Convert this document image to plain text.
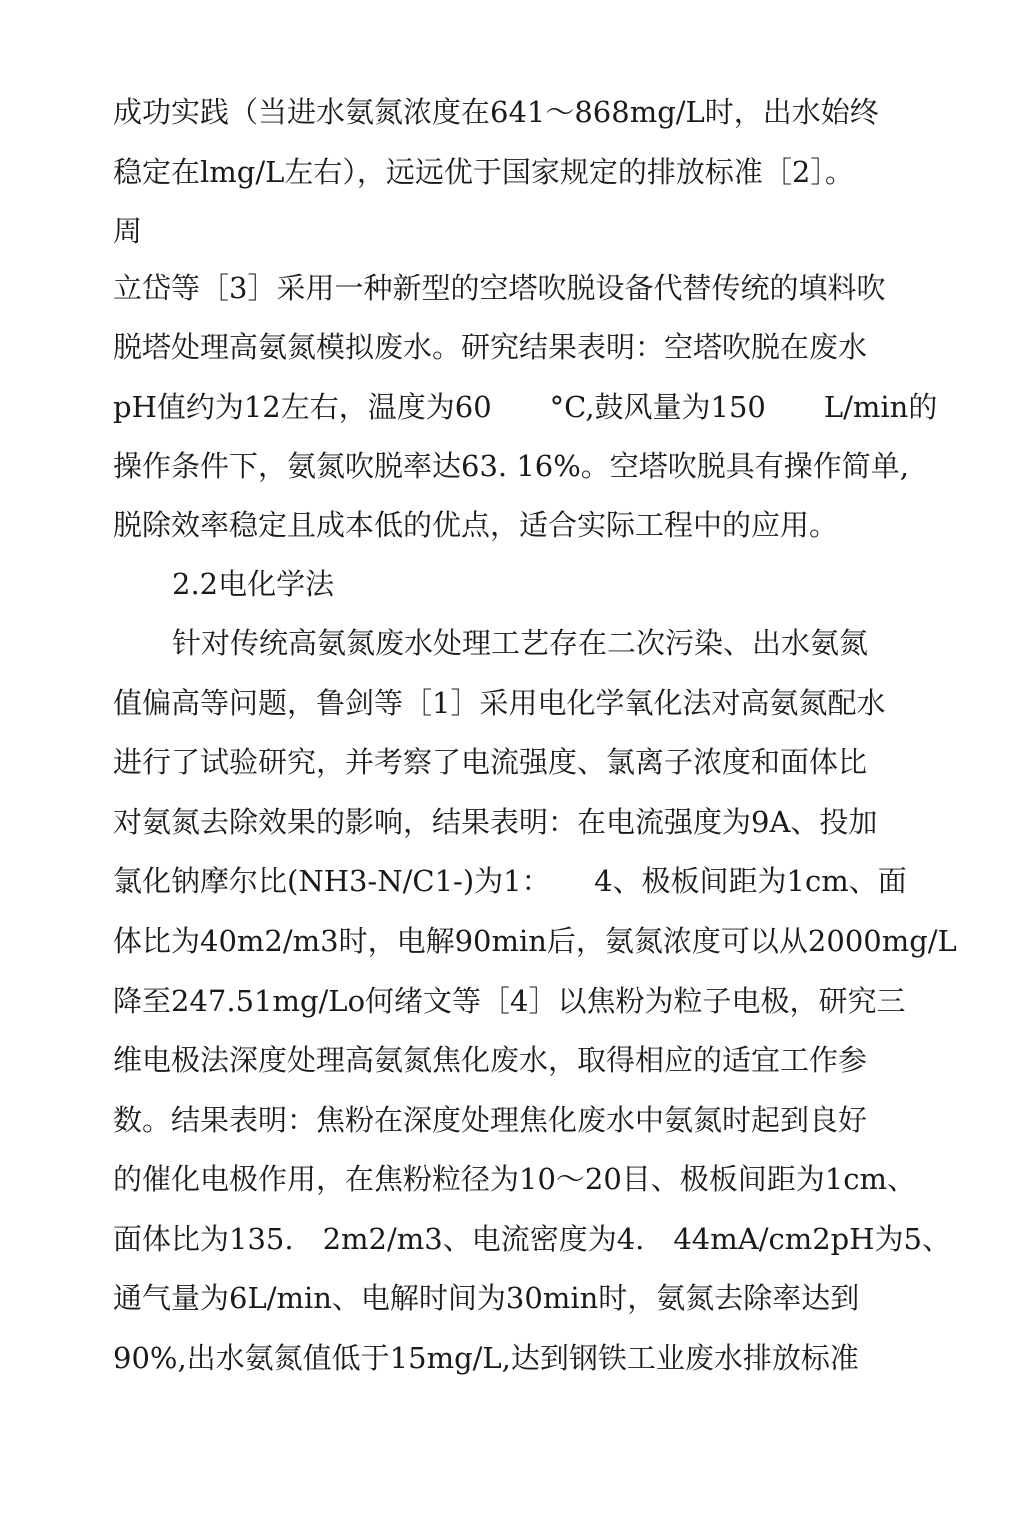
成功实践（当进水氨氮浓度在641～868mg/L时，出水始终
稳定在lmg/L左右），远远优于国家规定的排放标准［2］。
周
立岱等［3］采用一种新型的空塔吹脱设备代替传统的填料吹
脱塔处理高氨氮模拟废水。研究结果表明：空塔吹脱在废水
pH值约为12左右，温度为60　　°C,鼓风量为150　　L/min的
操作条件下，氨氮吹脱率达63. 16%。空塔吹脱具有操作简单,
脱除效率稳定且成本低的优点，适合实际工程中的应用。
2.2电化学法
针对传统高氨氮废水处理工艺存在二次污染、出水氨氮
值偏高等问题，鲁剑等［1］采用电化学氧化法对高氨氮配水
进行了试验研究，并考察了电流强度、氯离子浓度和面体比
对氨氮去除效果的影响，结果表明：在电流强度为9A、投加
氯化钠摩尔比(NH3-N/C1-)为1：　　4、极板间距为1cm、面
体比为40m2/m3时，电解90min后，氨氮浓度可以从2000mg/L
降至247.51mg/Lo何绪文等［4］以焦粉为粒子电极，研究三
维电极法深度处理高氨氮焦化废水，取得相应的适宜工作参
数。结果表明：焦粉在深度处理焦化废水中氨氮时起到良好
的催化电极作用，在焦粉粒径为10～20目、极板间距为1cm、
面体比为135.　2m2/m3、电流密度为4.　44mA/cm2pH为5、
通气量为6L/min、电解时间为30min时，氨氮去除率达到
90%,出水氨氮值低于15mg/L,达到钢铁工业废水排放标准
